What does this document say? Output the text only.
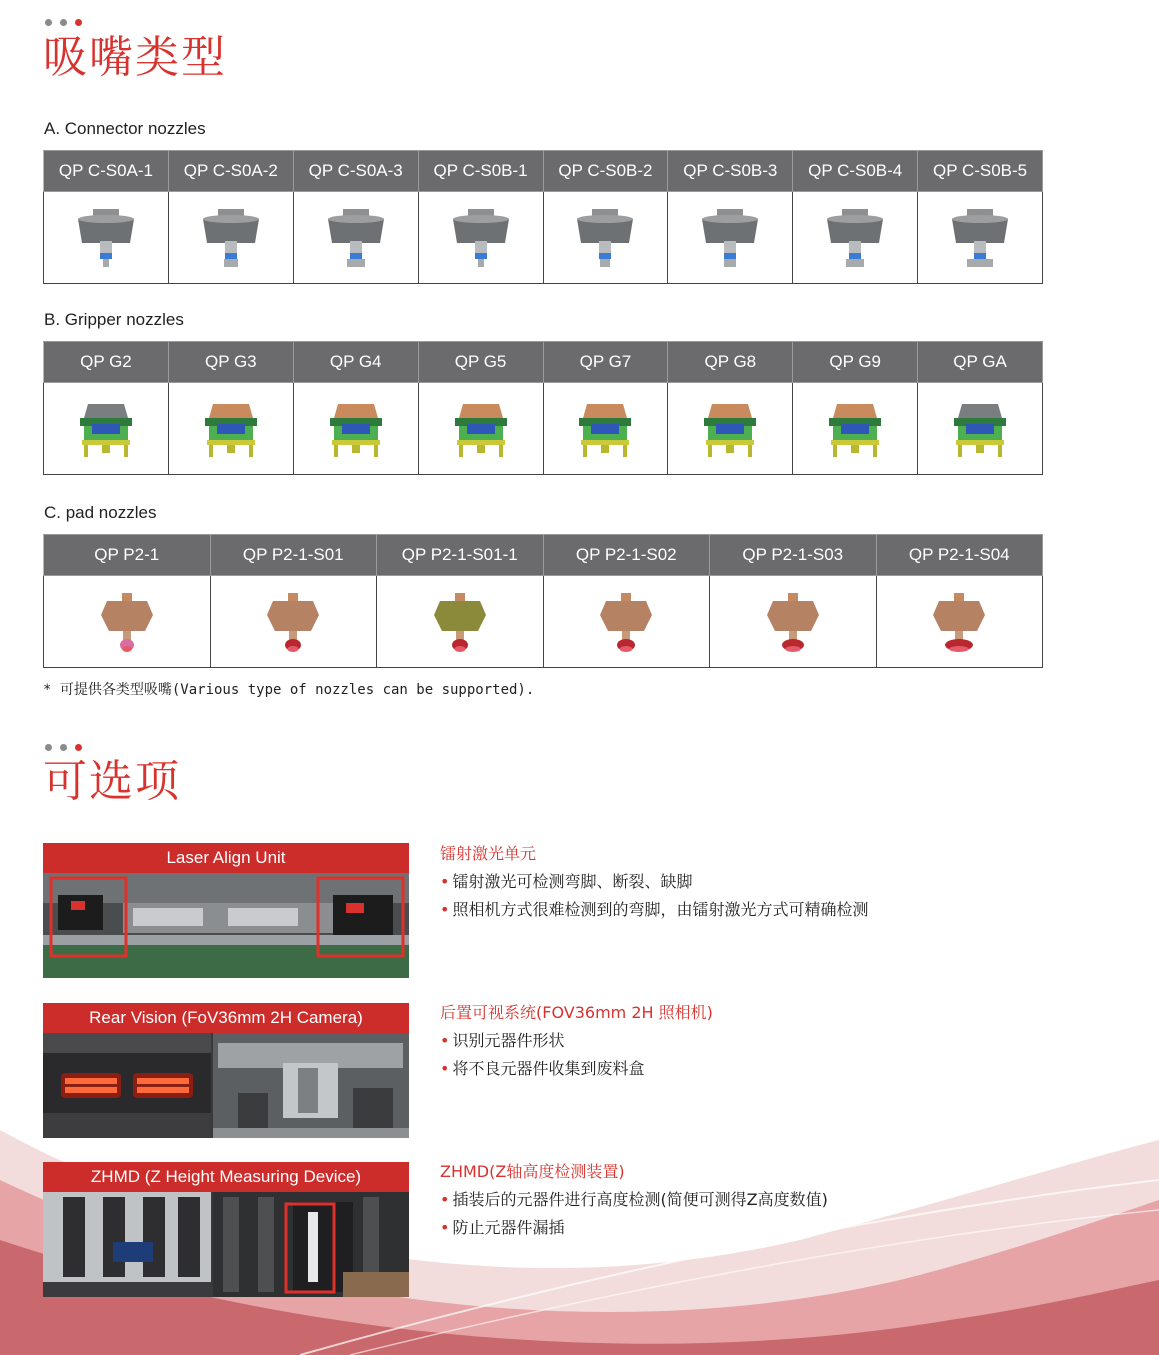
吸嘴类型
A. Connector nozzles
QP C-S0A-1	QP C-S0A-2	QP C-S0A-3	QP C-S0B-1	QP C-S0B-2	QP C-S0B-3	QP C-S0B-4	QP C-S0B-5

B. Gripper nozzles
QP G2	QP G3	QP G4	QP G5	QP G7	QP G8	QP G9	QP GA

C. pad nozzles
QP P2-1	QP P2-1-S01	QP P2-1-S01-1	QP P2-1-S02	QP P2-1-S03	QP P2-1-S04

* 可提供各类型吸嘴(Various type of nozzles can be supported).
可选项
Laser Align Unit	镭射激光单元
• 镭射激光可检测弯脚、断裂、缺脚
• 照相机方式很难检测到的弯脚，由镭射激光方式可精确检测
Rear Vision (FoV36mm 2H Camera)	后置可视系统(FOV36mm 2H 照相机)
• 识别元器件形状
• 将不良元器件收集到废料盒
ZHMD (Z Height Measuring Device)	ZHMD(Z轴高度检测装置)
• 插装后的元器件进行高度检测(简便可测得Z高度数值)
• 防止元器件漏插
